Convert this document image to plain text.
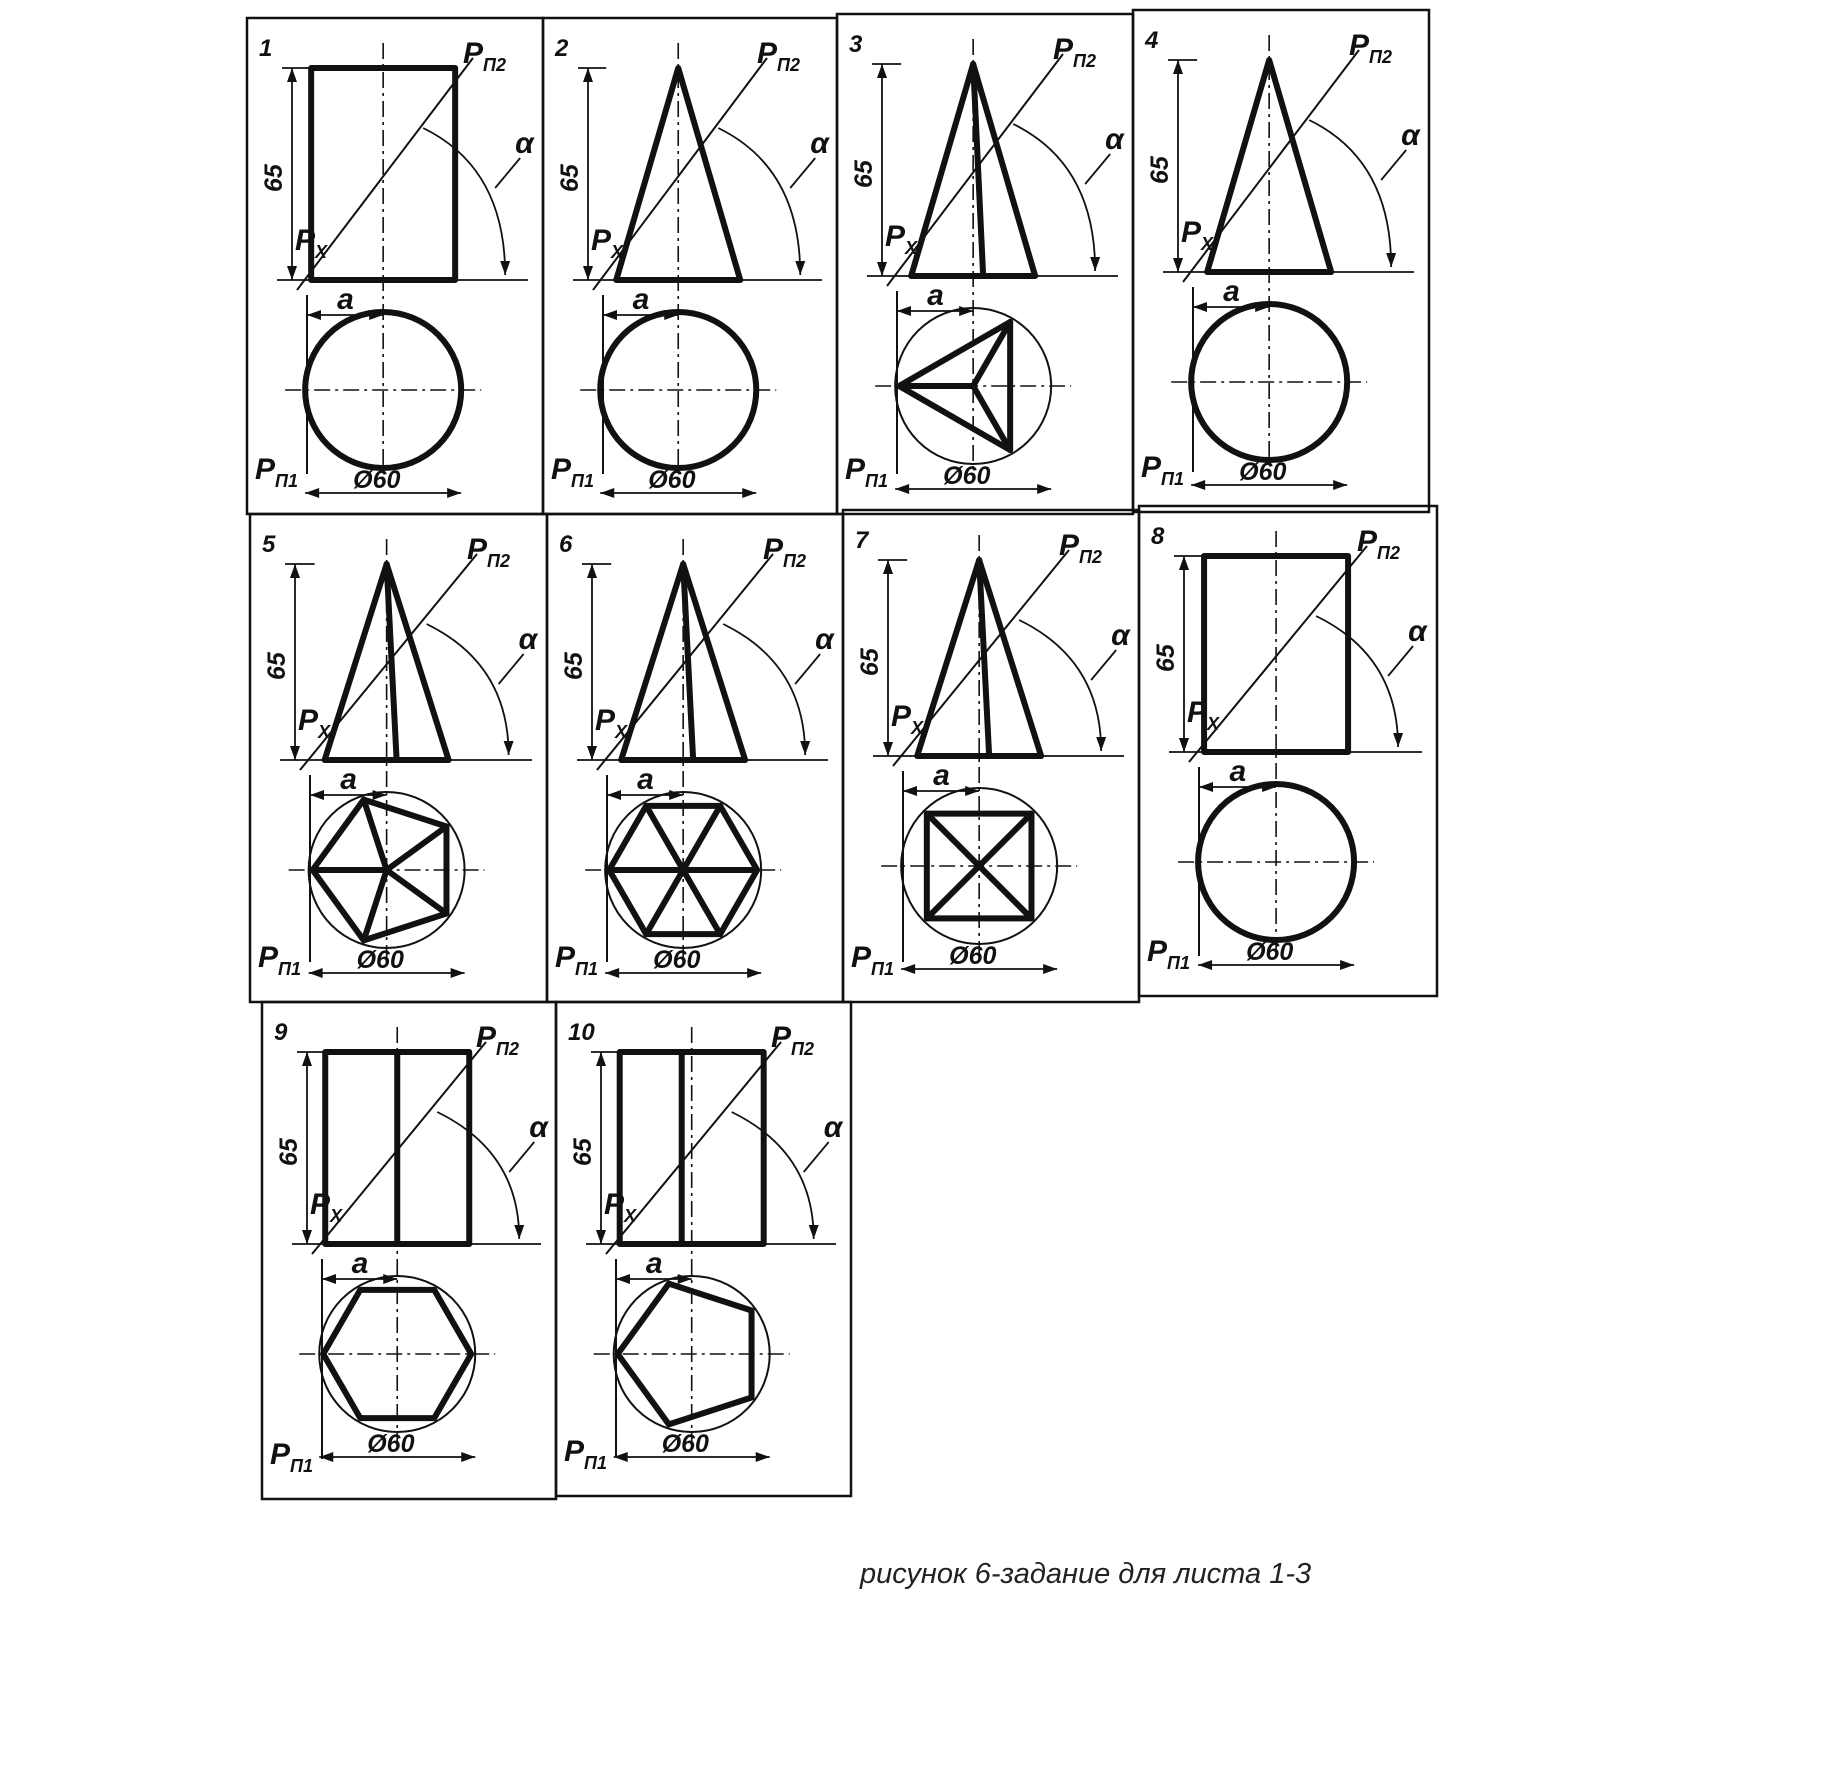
1
65
$P_X$
$P_{П2}$
α
$P_{П1}$
a
Ø60
2
65
$P_X$
$P_{П2}$
α
$P_{П1}$
a
Ø60
3
65
$P_X$
$P_{П2}$
α
$P_{П1}$
a
Ø60
4
65
$P_X$
$P_{П2}$
α
$P_{П1}$
a
Ø60
5
65
$P_X$
$P_{П2}$
α
$P_{П1}$
a
Ø60
6
65
$P_X$
$P_{П2}$
α
$P_{П1}$
a
Ø60
7
65
$P_X$
$P_{П2}$
α
$P_{П1}$
a
Ø60
8
65
$P_X$
$P_{П2}$
α
$P_{П1}$
a
Ø60
9
65
$P_X$
$P_{П2}$
α
$P_{П1}$
a
Ø60
10
65
$P_X$
$P_{П2}$
α
$P_{П1}$
a
Ø60
рисунок 6-задание для листа 1-3
